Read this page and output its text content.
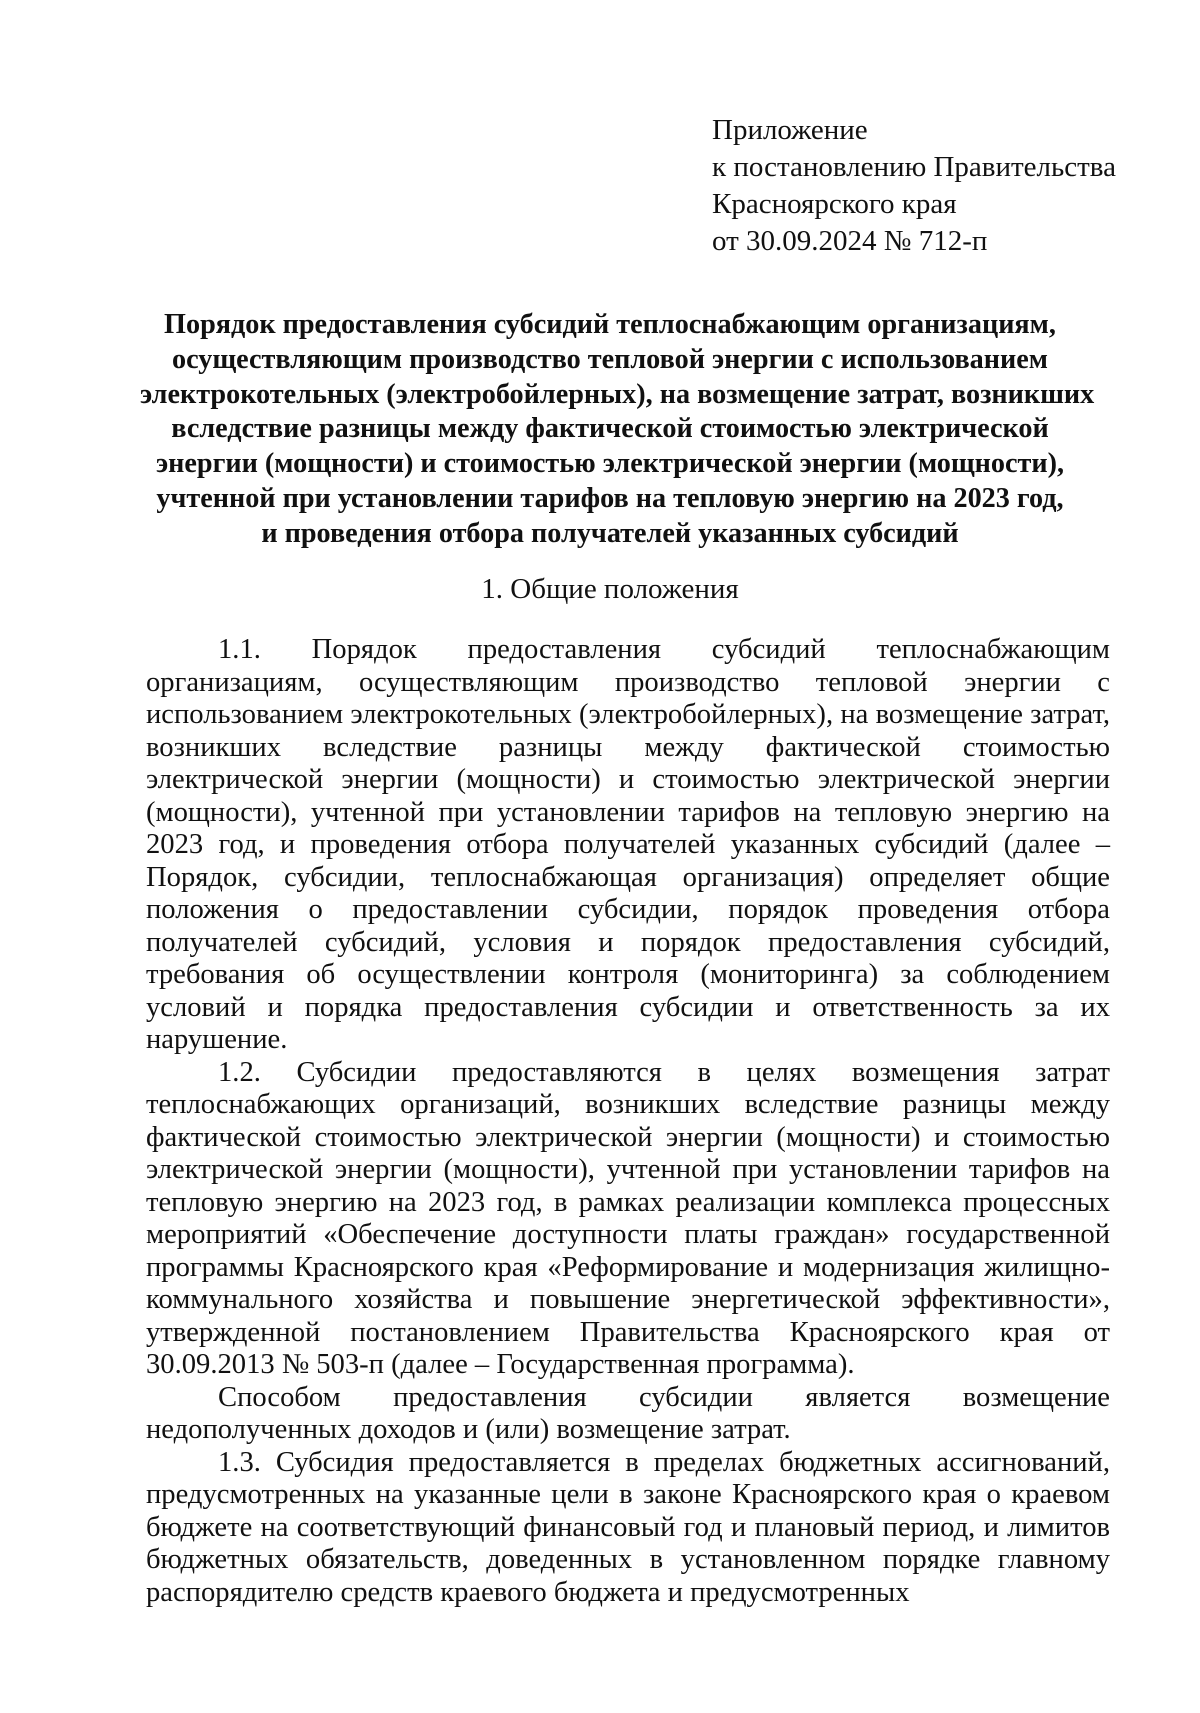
Приложение
к постановлению Правительства
Красноярского края
от 30.09.2024 № 712-п
Порядок предоставления субсидий теплоснабжающим организациям,
осуществляющим производство тепловой энергии с использованием
электрокотельных (электробойлерных), на возмещение затрат, возникших
вследствие разницы между фактической стоимостью электрической
энергии (мощности) и стоимостью электрической энергии (мощности),
учтенной при установлении тарифов на тепловую энергию на 2023 год,
и проведения отбора получателей указанных субсидий
1. Общие положения

1.1. Порядок предоставления субсидий теплоснабжающим организациям, осуществляющим производство тепловой энергии с использованием электрокотельных (электробойлерных), на возмещение затрат, возникших вследствие разницы между фактической стоимостью электрической энергии (мощности) и стоимостью электрической энергии (мощности), учтенной при установлении тарифов на тепловую энергию на 2023 год, и проведения отбора получателей указанных субсидий (далее – Порядок, субсидии, теплоснабжающая организация) определяет общие положения о предоставлении субсидии, порядок проведения отбора получателей субсидий, условия и порядок предоставления субсидий, требования об осуществлении контроля (мониторинга) за соблюдением условий и порядка предоставления субсидии и ответственность за их нарушение.

1.2. Субсидии предоставляются в целях возмещения затрат теплоснабжающих организаций, возникших вследствие разницы между фактической стоимостью электрической энергии (мощности) и стоимостью электрической энергии (мощности), учтенной при установлении тарифов на тепловую энергию на 2023 год, в рамках реализации комплекса процессных мероприятий «Обеспечение доступности платы граждан» государственной программы Красноярского края «Реформирование и модернизация жилищно-коммунального хозяйства и повышение энергетической эффективности», утвержденной постановлением Правительства Красноярского края от 30.09.2013 № 503-п (далее – Государственная программа).

Способом предоставления субсидии является возмещение недополученных доходов и (или) возмещение затрат.

1.3. Субсидия предоставляется в пределах бюджетных ассигнований, предусмотренных на указанные цели в законе Красноярского края о краевом бюджете на соответствующий финансовый год и плановый период, и лимитов бюджетных обязательств, доведенных в установленном порядке главному распорядителю средств краевого бюджета и предусмотренных
